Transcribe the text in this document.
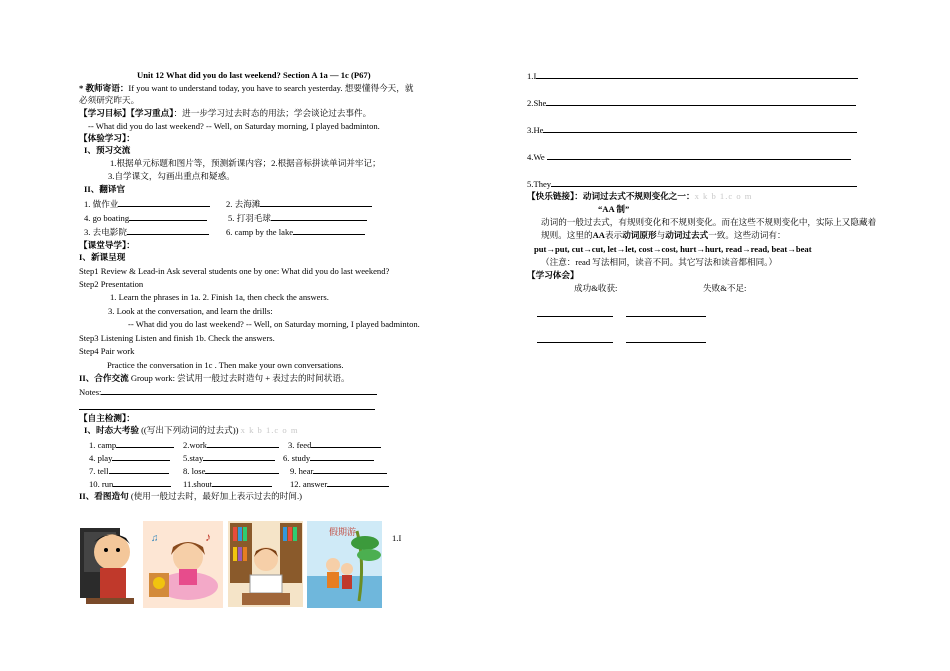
Unit 12 What did you do last weekend? Section A 1a — 1c (P67)
* 教师寄语：If you want to understand today, you have to search yesterday. 想要懂得今天，就
必须研究昨天。
【学习目标】【学习重点】：进一步学习过去时态的用法；学会谈论过去事件。
-- What did you do last weekend? -- Well, on Saturday morning, I played badminton.
【体验学习】：
I、预习交流
1.根据单元标题和图片等，预测新课内容；2.根据音标拼读单词并牢记；
3.自学课文，勾画出重点和疑惑。
II、翻译官
1. 做作业	2. 去海滩
4. go boating	5. 打羽毛球
3. 去电影院	6. camp by the lake
【课堂导学】：
I、新课呈现
Step1 Review & Lead-in Ask several students one by one: What did you do last weekend?
Step2 Presentation
1. Learn the phrases in 1a. 2. Finish 1a, then check the answers.
3. Look at the conversation, and learn the drills:
-- What did you do last weekend? -- Well, on Saturday morning, I played badminton.
Step3 Listening Listen and finish 1b. Check the answers.
Step4 Pair work
Practice the conversation in 1c . Then make your own conversations.
II、合作交流 Group work: 尝试用一般过去时造句 + 表过去的时间状语。
Notes:
【自主检测】：
I、时态大考验 ((写出下列动词的过去式)) x k b 1.c o m
1. camp	2.work	3. feed
4. play	5.stay	6. study
7. tell	8. lose	9. hear
10. run	11.shout	12. answer
II、看图造句 (使用一般过去时，最好加上表示过去的时间.)
♪
♫
假期游
1.I
1.I
2.She
3.He
4.We
5.They
【快乐链接】：动词过去式不规则变化之一：x k b 1.c o m
“AA 制”
动词的一般过去式，有规则变化和不规则变化。而在这些不规则变化中，实际上又隐藏着
规则。这里的AA表示动词原形与动词过去式一致。这些动词有：
put→put, cut→cut, let→let, cost→cost, hurt→hurt, read→read, beat→beat
（注意：read 写法相同，读音不同。其它写法和读音都相同。）
【学习体会】
成功&收获:	失败&不足:
